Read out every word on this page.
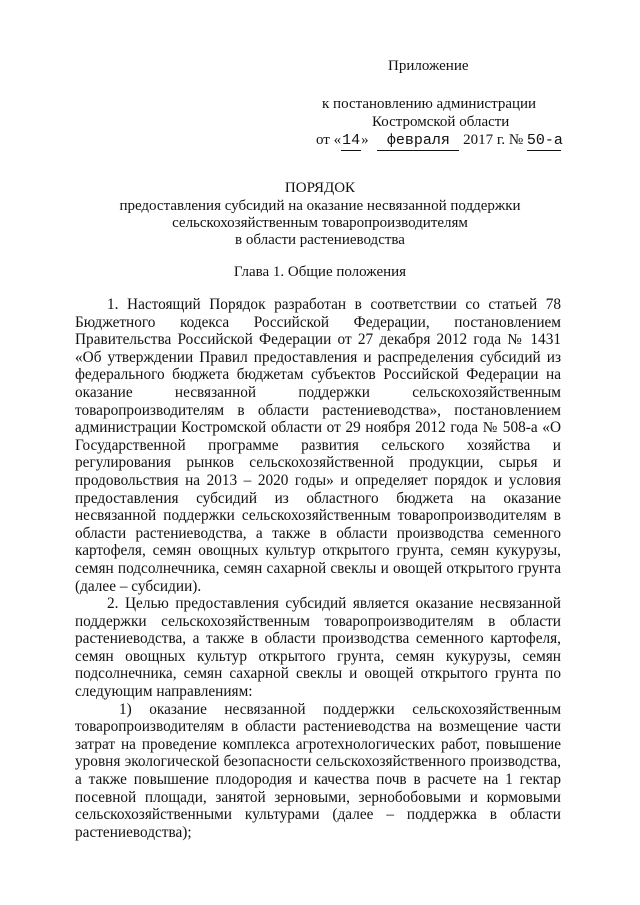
Приложение
к постановлению администрации
Костромской области
от «14» февраля 2017 г. № 50-а
ПОРЯДОК
предоставления субсидий на оказание несвязанной поддержки
сельскохозяйственным товаропроизводителям
в области растениеводства
Глава 1. Общие положения

1. Настоящий Порядок разработан в соответствии со статьей 78 Бюджетного кодекса Российской Федерации, постановлением Правительства Российской Федерации от 27 декабря 2012 года № 1431 «Об утверждении Правил предоставления и распределения субсидий из федерального бюджета бюджетам субъектов Российской Федерации на оказание несвязанной поддержки сельскохозяйственным товаропроизводителям в области растениеводства», постановлением администрации Костромской области от 29 ноября 2012 года № 508-а «О Государственной программе развития сельского хозяйства и регулирования рынков сельскохозяйственной продукции, сырья и продовольствия на 2013 – 2020 годы» и определяет порядок и условия предоставления субсидий из областного бюджета на оказание несвязанной поддержки сельскохозяйственным товаропроизводителям в области растениеводства, а также в области производства семенного картофеля, семян овощных культур открытого грунта, семян кукурузы, семян подсолнечника, семян сахарной свеклы и овощей открытого грунта (далее – субсидии).

2. Целью предоставления субсидий является оказание несвязанной поддержки сельскохозяйственным товаропроизводителям в области растениеводства, а также в области производства семенного картофеля, семян овощных культур открытого грунта, семян кукурузы, семян подсолнечника, семян сахарной свеклы и овощей открытого грунта по следующим направлениям:

1) оказание несвязанной поддержки сельскохозяйственным товаропроизводителям в области растениеводства на возмещение части затрат на проведение комплекса агротехнологических работ, повышение уровня экологической безопасности сельскохозяйственного производства, а также повышение плодородия и качества почв в расчете на 1 гектар посевной площади, занятой зерновыми, зернобобовыми и кормовыми сельскохозяйственными культурами (далее – поддержка в области растениеводства);
